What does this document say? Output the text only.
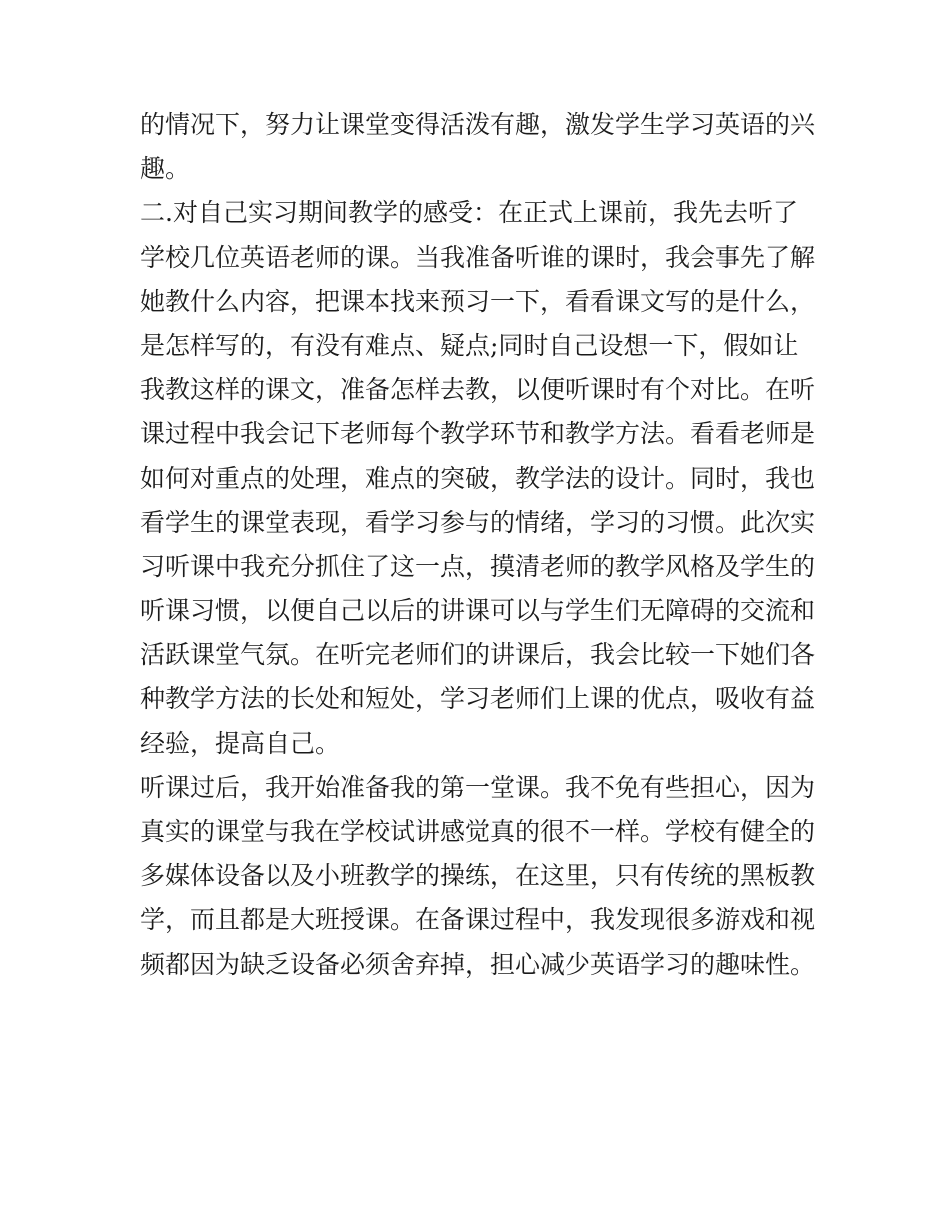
的情况下，努力让课堂变得活泼有趣，激发学生学习英语的兴
趣。
二.对自己实习期间教学的感受：在正式上课前，我先去听了
学校几位英语老师的课。当我准备听谁的课时，我会事先了解
她教什么内容，把课本找来预习一下，看看课文写的是什么，
是怎样写的，有没有难点、疑点;同时自己设想一下，假如让
我教这样的课文，准备怎样去教，以便听课时有个对比。在听
课过程中我会记下老师每个教学环节和教学方法。看看老师是
如何对重点的处理，难点的突破，教学法的设计。同时，我也
看学生的课堂表现，看学习参与的情绪，学习的习惯。此次实
习听课中我充分抓住了这一点，摸清老师的教学风格及学生的
听课习惯，以便自己以后的讲课可以与学生们无障碍的交流和
活跃课堂气氛。在听完老师们的讲课后，我会比较一下她们各
种教学方法的长处和短处，学习老师们上课的优点，吸收有益
经验，提高自己。
听课过后，我开始准备我的第一堂课。我不免有些担心，因为
真实的课堂与我在学校试讲感觉真的很不一样。学校有健全的
多媒体设备以及小班教学的操练，在这里，只有传统的黑板教
学，而且都是大班授课。在备课过程中，我发现很多游戏和视
频都因为缺乏设备必须舍弃掉，担心减少英语学习的趣味性。
